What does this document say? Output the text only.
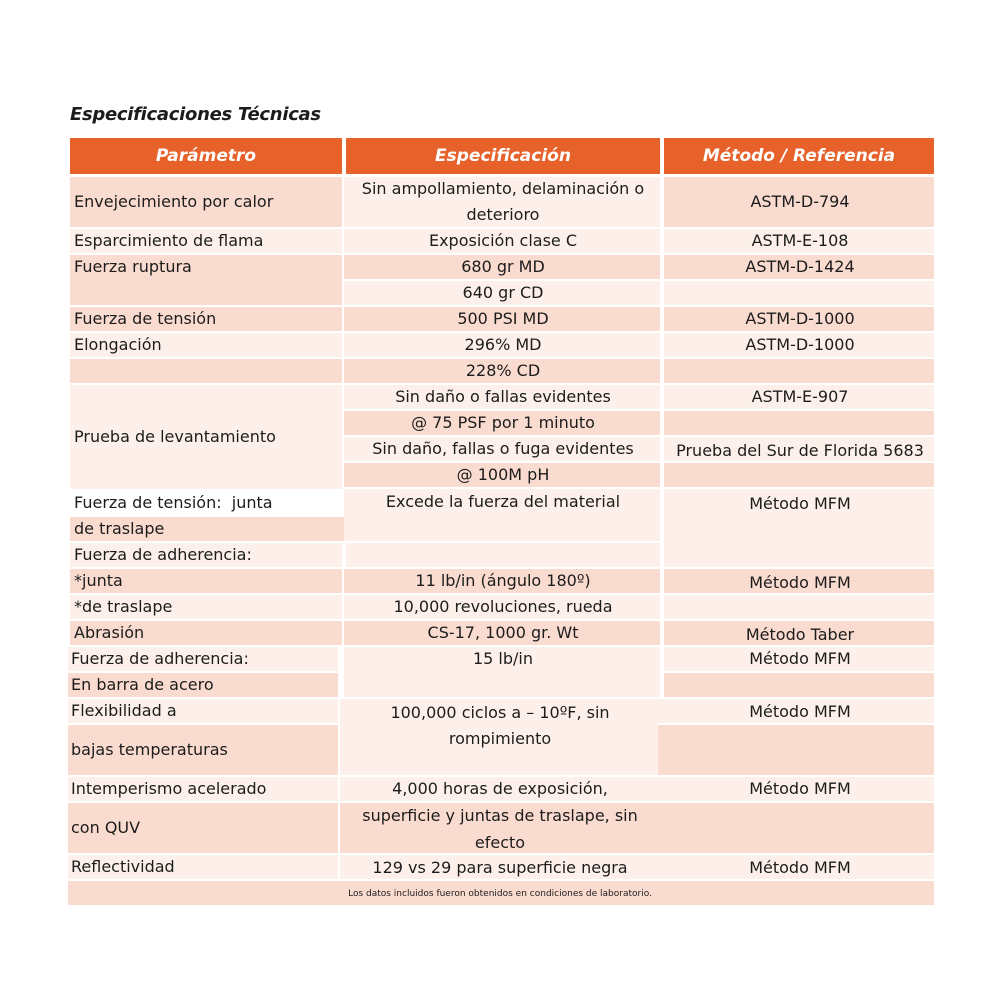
Especificaciones Técnicas
Parámetro	Especificación	Método / Referencia
Envejecimiento por calor
Esparcimiento de flama
Fuerza ruptura
Fuerza de tensión
Elongación
Prueba de levantamiento
Fuerza de tensión:  junta
de traslape
Fuerza de adherencia:
*junta
*de traslape
Abrasión
Fuerza de adherencia:
En barra de acero
Flexibilidad a
bajas temperaturas
Intemperismo acelerado
con QUV
Reflectividad
Sin ampollamiento, delaminación o
deterioro
Exposición clase C
680 gr MD
640 gr CD
500 PSI MD
296% MD
228% CD
Sin daño o fallas evidentes
@ 75 PSF por 1 minuto
Sin daño, fallas o fuga evidentes
@ 100M pH
Excede la fuerza del material
11 lb/in (ángulo 180º)
10,000 revoluciones, rueda
CS-17, 1000 gr. Wt
15 lb/in
100,000 ciclos a – 10ºF, sin
rompimiento
4,000 horas de exposición,
superficie y juntas de traslape, sin
efecto
129 vs 29 para superficie negra
ASTM-D-794
ASTM-E-108
ASTM-D-1424
ASTM-D-1000
ASTM-D-1000
ASTM-E-907
Prueba del Sur de Florida 5683
Método MFM
Método MFM
Método Taber
Método MFM
Método MFM
Método MFM
Método MFM
Los datos incluidos fueron obtenidos en condiciones de laboratorio.
